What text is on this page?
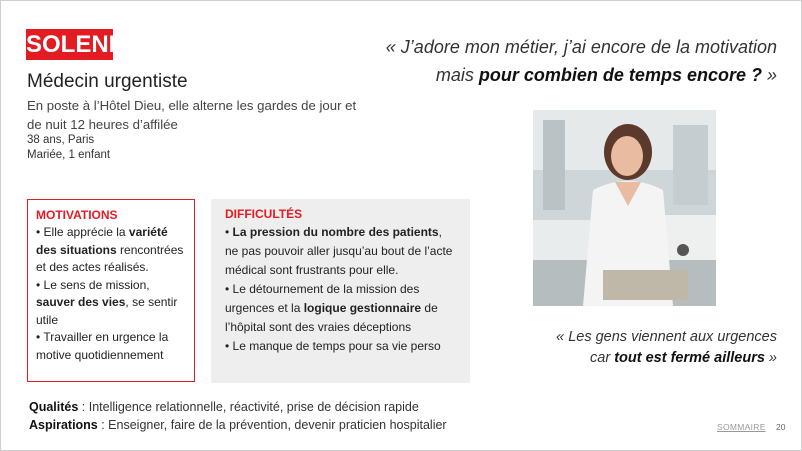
SOLENNE
Médecin urgentiste
En poste à l’Hôtel Dieu, elle alterne les gardes de jour et de nuit 12 heures d’affilée
38 ans, Paris
Mariée, 1 enfant
« J’adore mon métier, j’ai encore de la motivation
mais pour combien de temps encore ? »
« Les gens viennent aux urgences
car tout est fermé ailleurs »
MOTIVATIONS
• Elle apprécie la variété des situations rencontrées et des actes réalisés.
• Le sens de mission, sauver des vies, se sentir utile
• Travailler en urgence la motive quotidiennement
DIFFICULTÉS
• La pression du nombre des patients, ne pas pouvoir aller jusqu’au bout de l’acte médical sont frustrants pour elle.
• Le détournement de la mission des urgences et la logique gestionnaire de l’hôpital sont des vraies déceptions
• Le manque de temps pour sa vie perso
Qualités : Intelligence relationnelle, réactivité, prise de décision rapide
Aspirations : Enseigner, faire de la prévention, devenir praticien hospitalier	SOMMAIRE 20
